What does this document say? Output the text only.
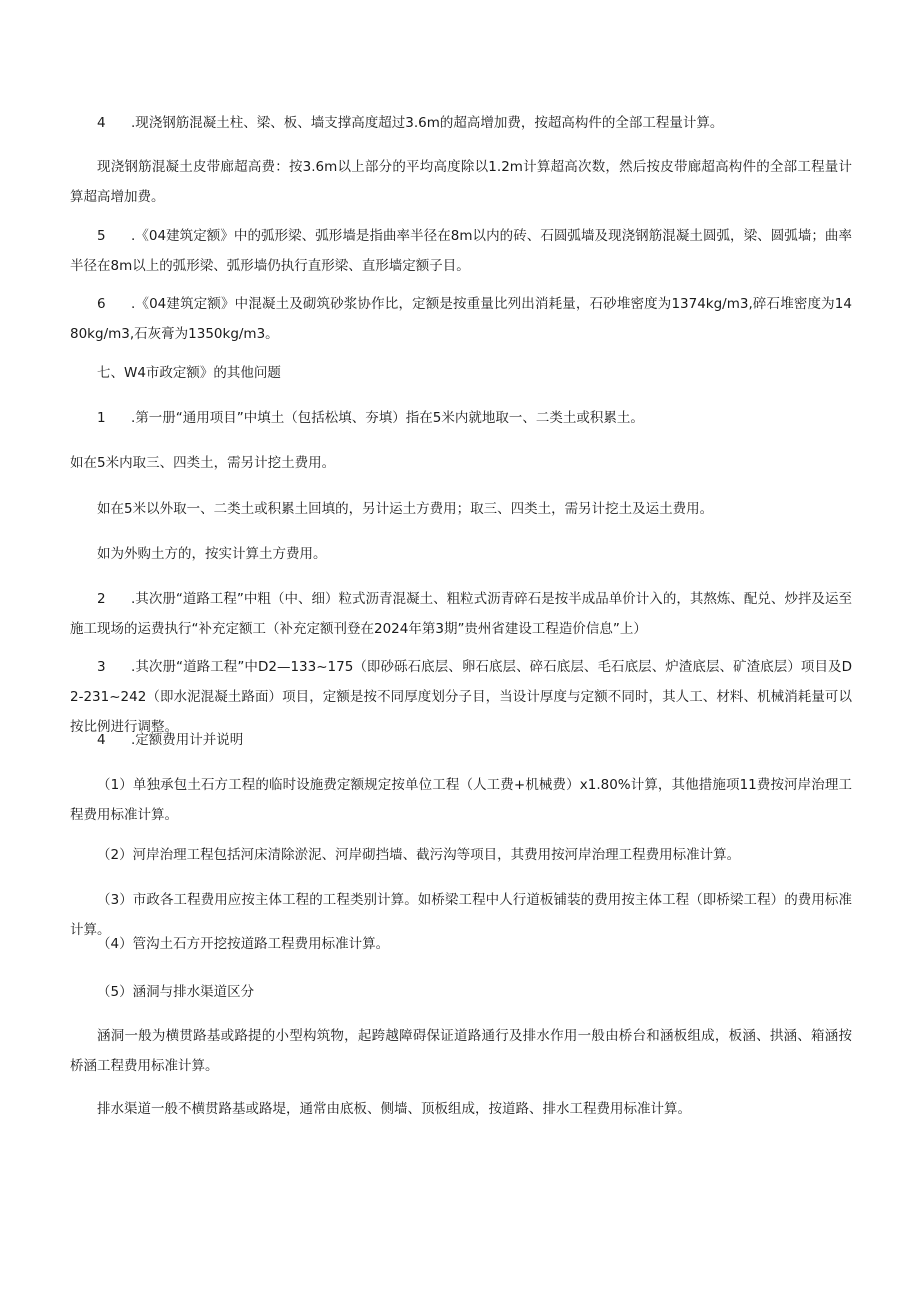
4 .现浇钢筋混凝土柱、梁、板、墙支撑高度超过3.6m的超高增加费，按超高构件的全部工程量计算。

现浇钢筋混凝土皮带廊超高费：按3.6m以上部分的平均高度除以1.2m计算超高次数，然后按皮带廊超高构件的全部工程量计算超高增加费。

5 .《04建筑定额》中的弧形梁、弧形墙是指曲率半径在8m以内的砖、石圆弧墙及现浇钢筋混凝土圆弧，梁、圆弧墙；曲率半径在8m以上的弧形梁、弧形墙仍执行直形梁、直形墙定额子目。

6 .《04建筑定额》中混凝土及砌筑砂浆协作比，定额是按重量比列出消耗量，石砂堆密度为1374kg/m3,碎石堆密度为1480kg/m3,石灰膏为1350kg/m3。

七、W4市政定额》的其他问题

1 .第一册“通用项目”中填土（包括松填、夯填）指在5米内就地取一、二类土或积累土。

如在5米内取三、四类土，需另计挖土费用。

如在5米以外取一、二类土或积累土回填的，另计运土方费用；取三、四类土，需另计挖土及运土费用。

如为外购土方的，按实计算土方费用。

2 .其次册“道路工程”中粗（中、细）粒式沥青混凝土、粗粒式沥青碎石是按半成品单价计入的，其熬炼、配兑、炒拌及运至施工现场的运费执行“补充定额工（补充定额刊登在2024年第3期”贵州省建设工程造价信息”上）

3 .其次册“道路工程”中D2—133~175（即砂砾石底层、卵石底层、碎石底层、毛石底层、炉渣底层、矿渣底层）项目及D2-231~242（即水泥混凝土路面）项目，定额是按不同厚度划分子目，当设计厚度与定额不同时，其人工、材料、机械消耗量可以按比例进行调整。

4 .定额费用计并说明

（1）单独承包土石方工程的临时设施费定额规定按单位工程（人工费+机械费）x1.80%计算，其他措施项11费按河岸治理工程费用标准计算。

（2）河岸治理工程包括河床清除淤泥、河岸砌挡墙、截污沟等项目，其费用按河岸治理工程费用标准计算。

（3）市政各工程费用应按主体工程的工程类别计算。如桥梁工程中人行道板铺装的费用按主体工程（即桥梁工程）的费用标准计算。

（4）管沟土石方开挖按道路工程费用标准计算。

（5）涵洞与排水渠道区分

涵洞一般为横贯路基或路提的小型构筑物，起跨越障碍保证道路通行及排水作用一般由桥台和涵板组成，板涵、拱涵、箱涵按桥涵工程费用标准计算。

排水渠道一般不横贯路基或路堤，通常由底板、侧墙、顶板组成，按道路、排水工程费用标准计算。
